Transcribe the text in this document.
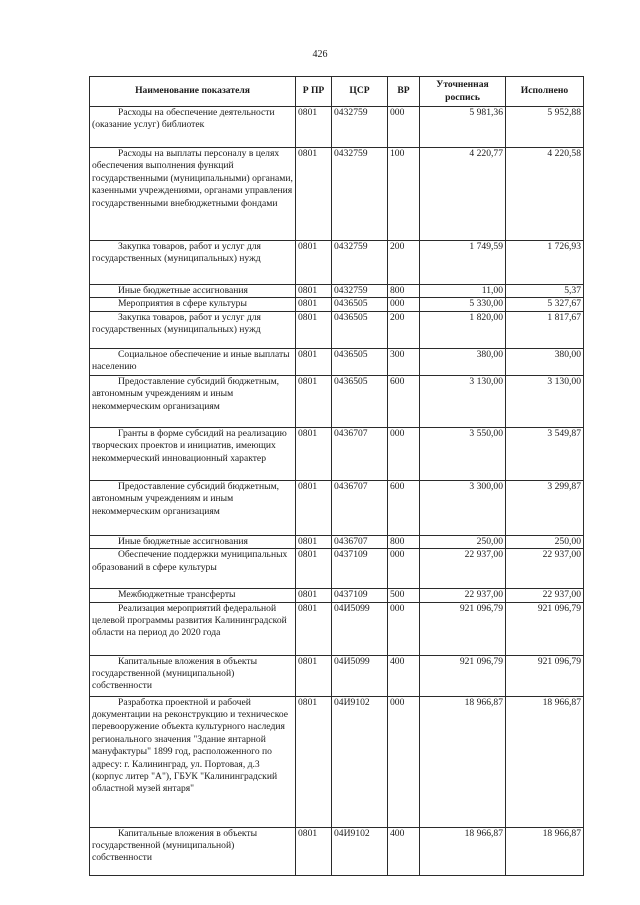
426
Наименование показателя	Р ПР	ЦСР	ВР	Уточненная роспись	Исполнено
Расходы на обеспечение деятельности (оказание услуг) библиотек	0801	0432759	000	5 981,36	5 952,88
Расходы на выплаты персоналу в целях обеспечения выполнения функций государственными (муниципальными) органами, казенными учреждениями, органами управления государственными внебюджетными фондами	0801	0432759	100	4 220,77	4 220,58
Закупка товаров, работ и услуг для государственных (муниципальных) нужд	0801	0432759	200	1 749,59	1 726,93
Иные бюджетные ассигнования	0801	0432759	800	11,00	5,37
Мероприятия в сфере культуры	0801	0436505	000	5 330,00	5 327,67
Закупка товаров, работ и услуг для государственных (муниципальных) нужд	0801	0436505	200	1 820,00	1 817,67
Социальное обеспечение и иные выплаты населению	0801	0436505	300	380,00	380,00
Предоставление субсидий бюджетным, автономным учреждениям и иным некоммерческим организациям	0801	0436505	600	3 130,00	3 130,00
Гранты в форме субсидий на реализацию творческих проектов и инициатив, имеющих некоммерческий инновационный характер	0801	0436707	000	3 550,00	3 549,87
Предоставление субсидий бюджетным, автономным учреждениям и иным некоммерческим организациям	0801	0436707	600	3 300,00	3 299,87
Иные бюджетные ассигнования	0801	0436707	800	250,00	250,00
Обеспечение поддержки муниципальных образований в сфере культуры	0801	0437109	000	22 937,00	22 937,00
Межбюджетные трансферты	0801	0437109	500	22 937,00	22 937,00
Реализация мероприятий федеральной целевой программы развития Калининградской области на период до 2020 года	0801	04И5099	000	921 096,79	921 096,79
Капитальные вложения в объекты государственной (муниципальной) собственности	0801	04И5099	400	921 096,79	921 096,79
Разработка проектной и рабочей документации на реконструкцию и техническое перевооружение объекта культурного наследия регионального значения "Здание янтарной мануфактуры" 1899 год, расположенного по адресу: г. Калининград, ул. Портовая, д.3 (корпус литер "А"), ГБУК "Калининградский областной музей янтаря"	0801	04И9102	000	18 966,87	18 966,87
Капитальные вложения в объекты государственной (муниципальной) собственности	0801	04И9102	400	18 966,87	18 966,87
